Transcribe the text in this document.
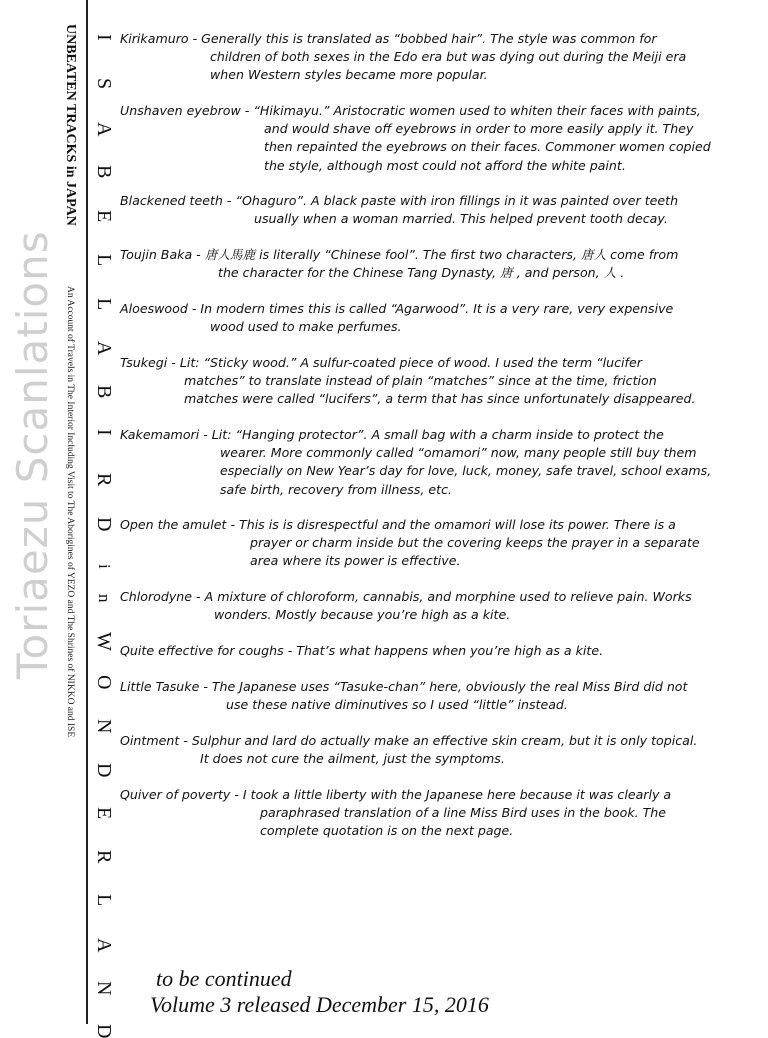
Toriaezu Scanlations
UNBEATEN TRACKS in JAPAN
An Account of Travels in The Interior Including Visit to The Aborigines of YEZO and The Shrines of NIKKO and ISE
I
S
A
B
E
L
L
A
B
I
R
D
i
n
W
O
N
D
E
R
L
A
N
D
Kirikamuro - Generally this is translated as “bobbed hair”. The style was common for
children of both sexes in the Edo era but was dying out during the Meiji era
when Western styles became more popular.
Unshaven eyebrow - “Hikimayu.” Aristocratic women used to whiten their faces with paints,
and would shave off eyebrows in order to more easily apply it. They
then repainted the eyebrows on their faces. Commoner women copied
the style, although most could not afford the white paint.
Blackened teeth - “Ohaguro”. A black paste with iron fillings in it was painted over teeth
usually when a woman married. This helped prevent tooth decay.
Toujin Baka - 唐人馬鹿 is literally “Chinese fool”. The first two characters, 唐人 come from
the character for the Chinese Tang Dynasty, 唐 , and person, 人 .
Aloeswood - In modern times this is called “Agarwood”. It is a very rare, very expensive
wood used to make perfumes.
Tsukegi - Lit: “Sticky wood.” A sulfur-coated piece of wood. I used the term “lucifer
matches” to translate instead of plain “matches” since at the time, friction
matches were called “lucifers”, a term that has since unfortunately disappeared.
Kakemamori - Lit: “Hanging protector”. A small bag with a charm inside to protect the
wearer. More commonly called “omamori” now, many people still buy them
especially on New Year’s day for love, luck, money, safe travel, school exams,
safe birth, recovery from illness, etc.
Open the amulet - This is is disrespectful and the omamori will lose its power. There is a
prayer or charm inside but the covering keeps the prayer in a separate
area where its power is effective.
Chlorodyne - A mixture of chloroform, cannabis, and morphine used to relieve pain. Works
wonders. Mostly because you’re high as a kite.
Quite effective for coughs - That’s what happens when you’re high as a kite.
Little Tasuke - The Japanese uses “Tasuke-chan” here, obviously the real Miss Bird did not
use these native diminutives so I used “little” instead.
Ointment - Sulphur and lard do actually make an effective skin cream, but it is only topical.
It does not cure the ailment, just the symptoms.
Quiver of poverty - I took a little liberty with the Japanese here because it was clearly a
paraphrased translation of a line Miss Bird uses in the book. The
complete quotation is on the next page.
to be continued
Volume 3 released December 15, 2016
